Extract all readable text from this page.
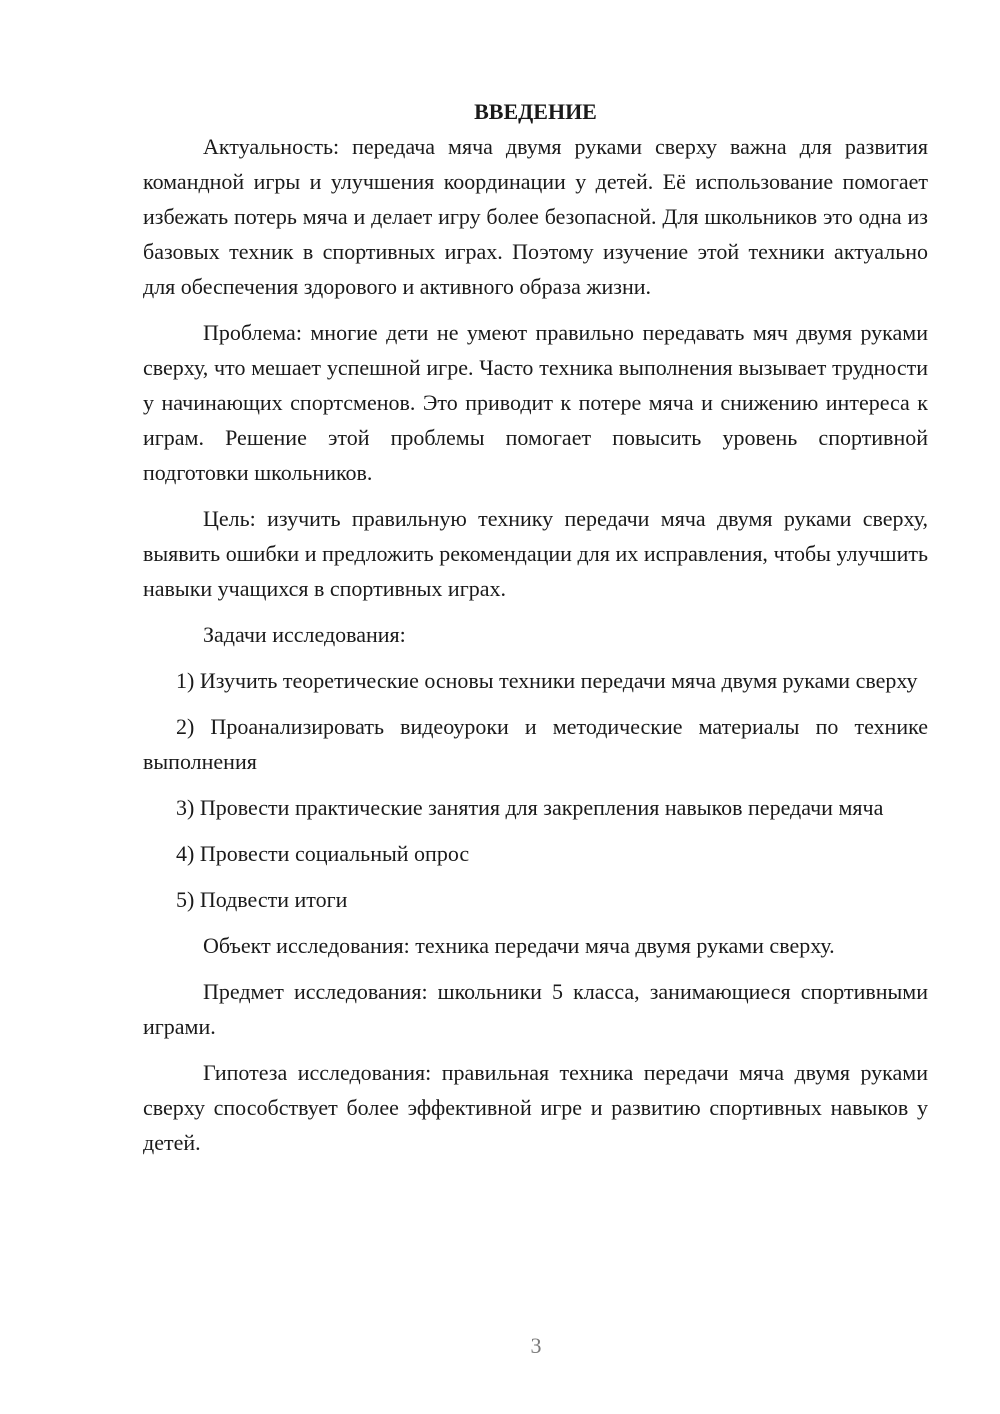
ВВЕДЕНИЕ

Актуальность: передача мяча двумя руками сверху важна для развития командной игры и улучшения координации у детей. Её использование помогает избежать потерь мяча и делает игру более безопасной. Для школьников это одна из базовых техник в спортивных играх. Поэтому изучение этой техники актуально для обеспечения здорового и активного образа жизни.

Проблема: многие дети не умеют правильно передавать мяч двумя руками сверху, что мешает успешной игре. Часто техника выполнения вызывает трудности у начинающих спортсменов. Это приводит к потере мяча и снижению интереса к играм. Решение этой проблемы помогает повысить уровень спортивной подготовки школьников.

Цель: изучить правильную технику передачи мяча двумя руками сверху, выявить ошибки и предложить рекомендации для их исправления, чтобы улучшить навыки учащихся в спортивных играх.

Задачи исследования:

1) Изучить теоретические основы техники передачи мяча двумя руками сверху

2) Проанализировать видеоуроки и методические материалы по технике выполнения

3) Провести практические занятия для закрепления навыков передачи мяча

4) Провести социальный опрос

5) Подвести итоги

Объект исследования: техника передачи мяча двумя руками сверху.

Предмет исследования: школьники 5 класса, занимающиеся спортивными играми.

Гипотеза исследования: правильная техника передачи мяча двумя руками сверху способствует более эффективной игре и развитию спортивных навыков у детей.

3
